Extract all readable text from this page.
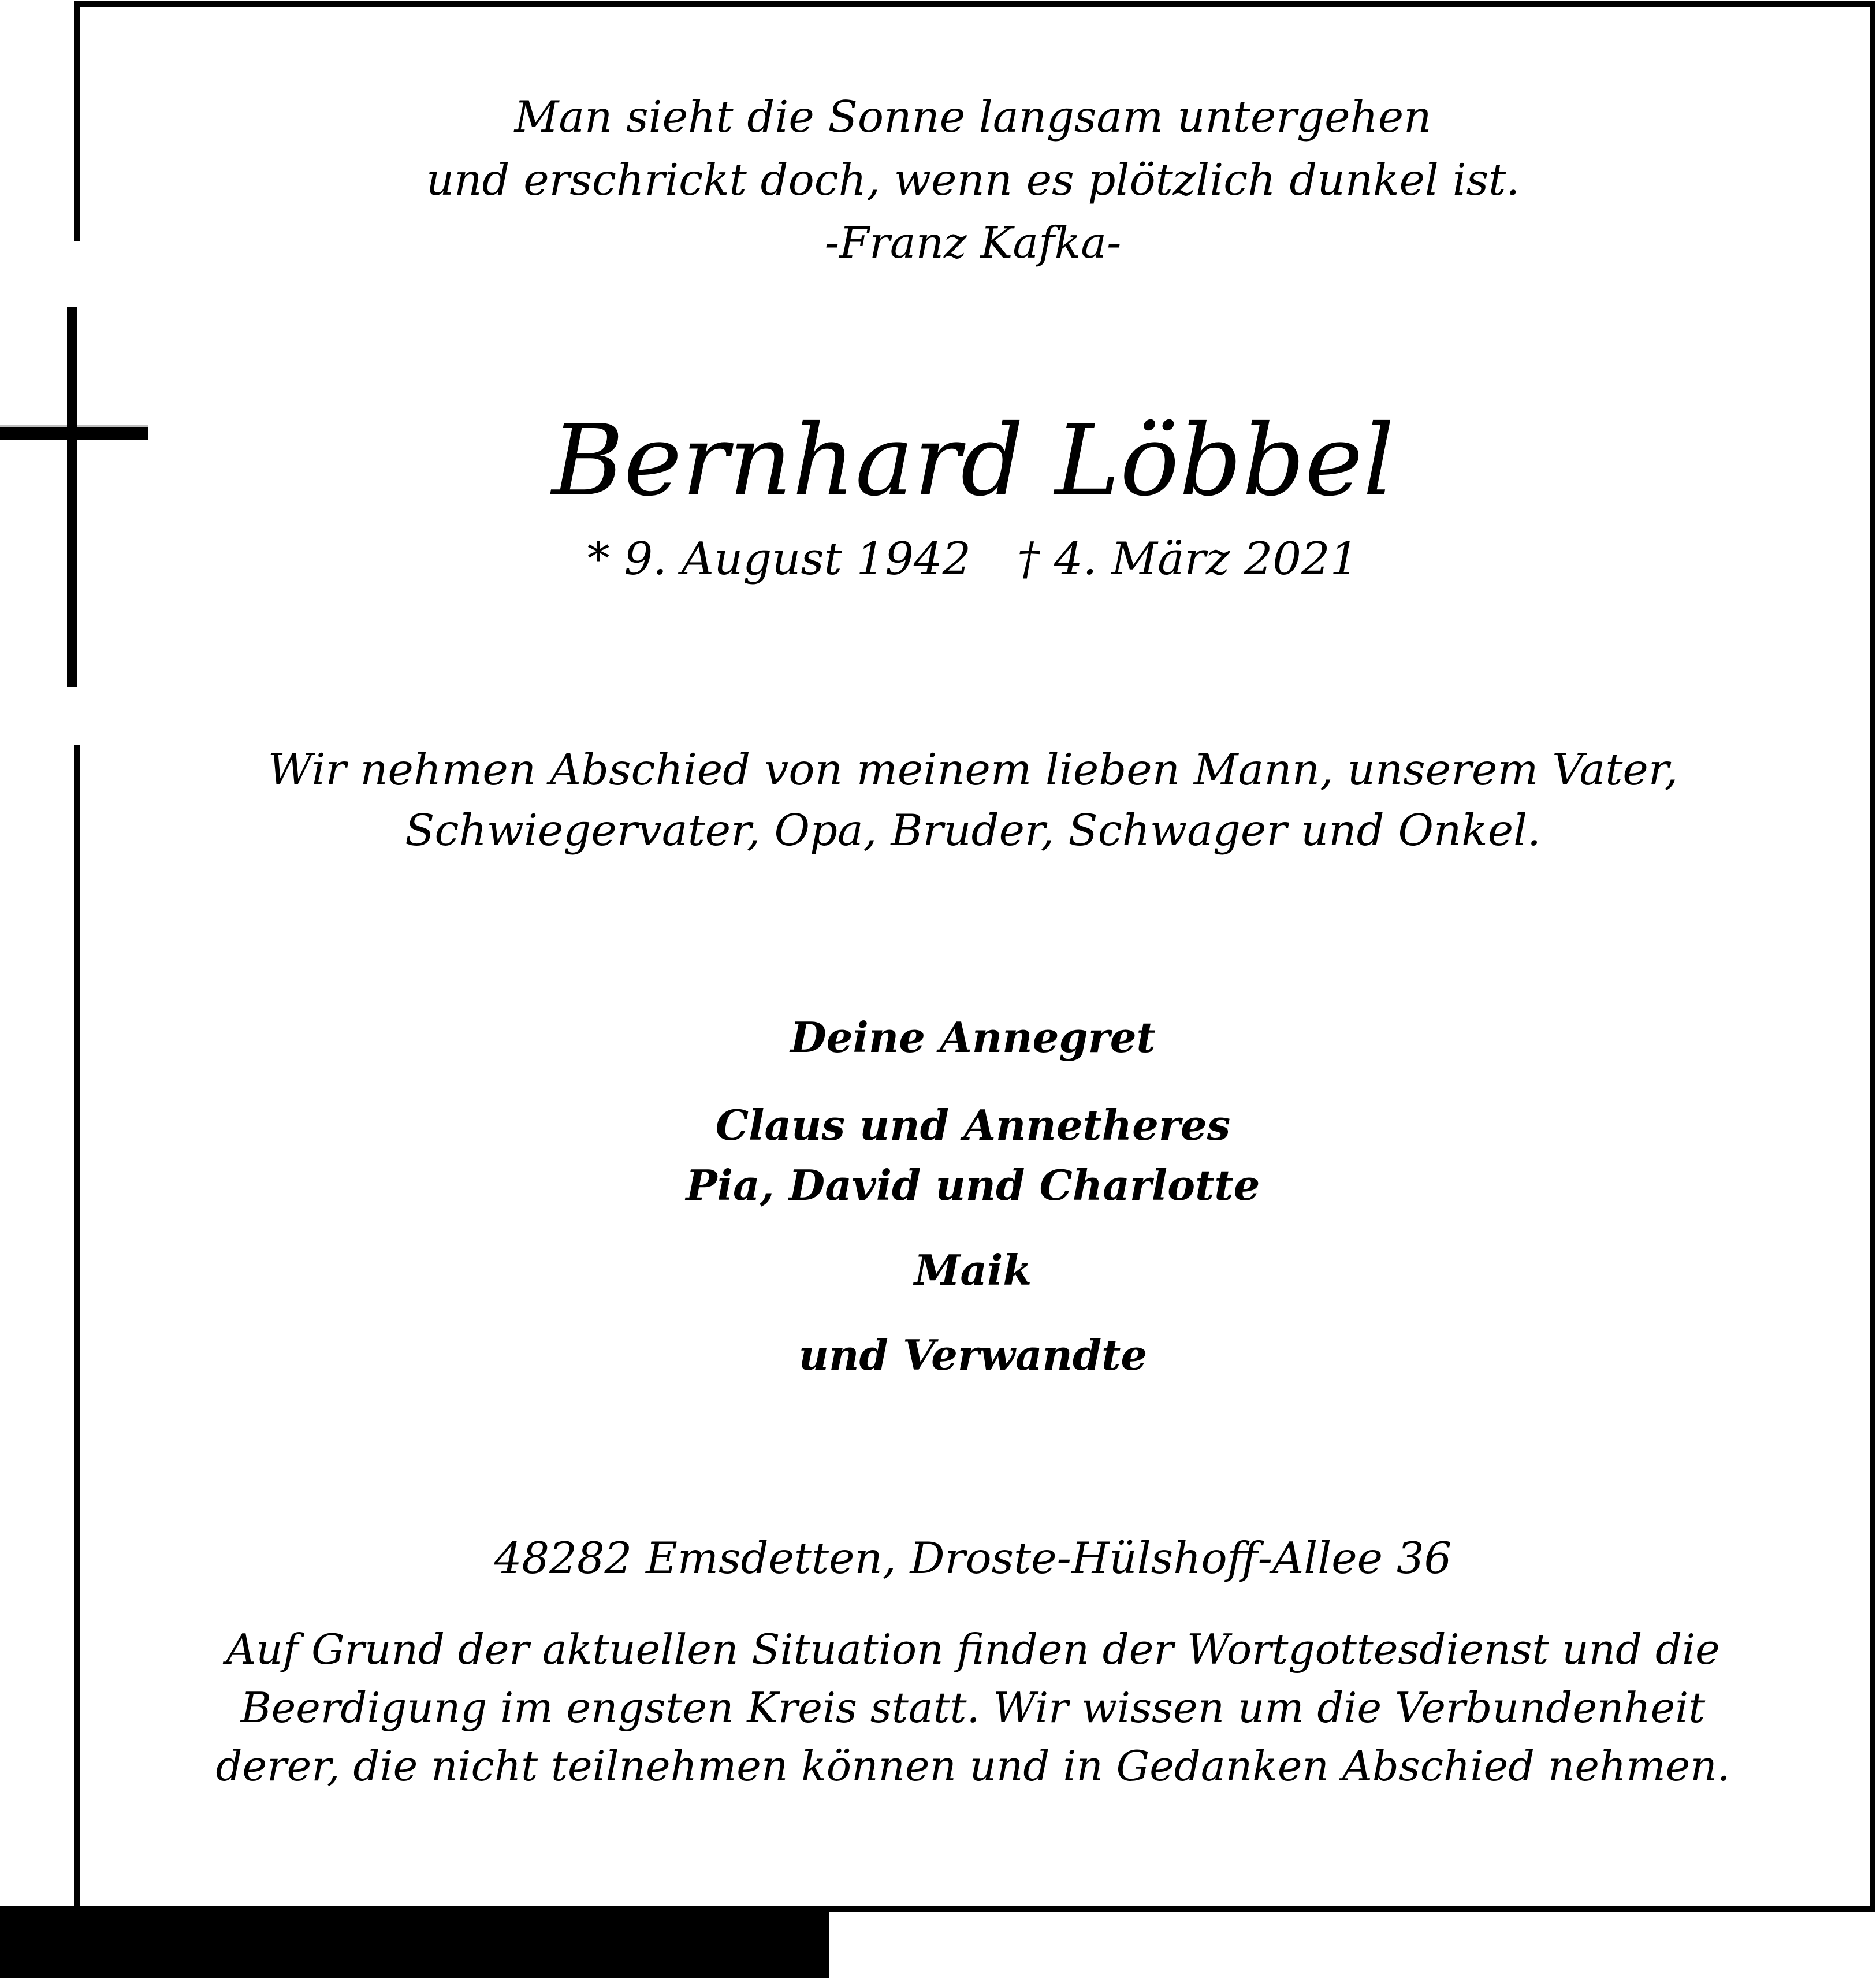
Man sieht die Sonne langsam untergehen
und erschrickt doch, wenn es plötzlich dunkel ist.
-Franz Kafka-
Bernhard Löbbel
* 9. August 1942 † 4. März 2021
Wir nehmen Abschied von meinem lieben Mann, unserem Vater,
Schwiegervater, Opa, Bruder, Schwager und Onkel.
Deine Annegret
Claus und Annetheres
Pia, David und Charlotte
Maik
und Verwandte
48282 Emsdetten, Droste-Hülshoff-Allee 36
Auf Grund der aktuellen Situation finden der Wortgottesdienst und die
Beerdigung im engsten Kreis statt. Wir wissen um die Verbundenheit
derer, die nicht teilnehmen können und in Gedanken Abschied nehmen.
